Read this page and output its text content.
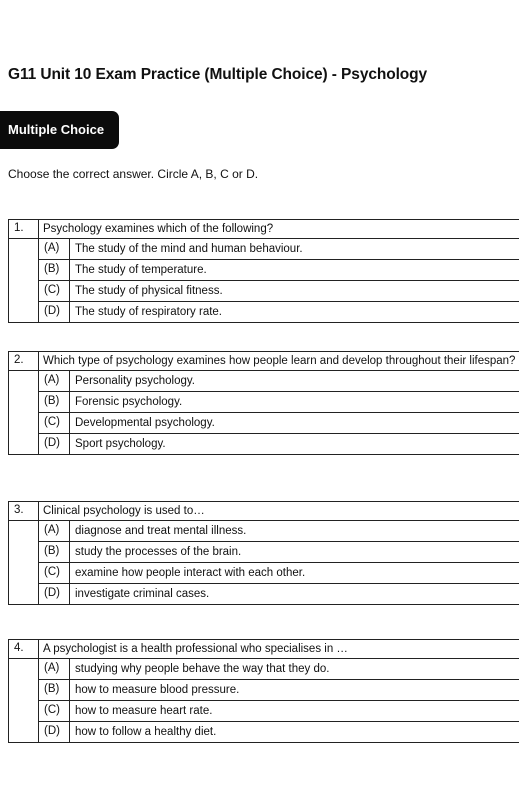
G11 Unit 10 Exam Practice (Multiple Choice) - Psychology
Multiple Choice
Choose the correct answer. Circle A, B, C or D.
1.	Psychology examines which of the following?
(A)	The study of the mind and human behaviour.
(B)	The study of temperature.
(C)	The study of physical fitness.
(D)	The study of respiratory rate.
2.	Which type of psychology examines how people learn and develop throughout their lifespan?
(A)	Personality psychology.
(B)	Forensic psychology.
(C)	Developmental psychology.
(D)	Sport psychology.
3.	Clinical psychology is used to…
(A)	diagnose and treat mental illness.
(B)	study the processes of the brain.
(C)	examine how people interact with each other.
(D)	investigate criminal cases.
4.	A psychologist is a health professional who specialises in …
(A)	studying why people behave the way that they do.
(B)	how to measure blood pressure.
(C)	how to measure heart rate.
(D)	how to follow a healthy diet.
